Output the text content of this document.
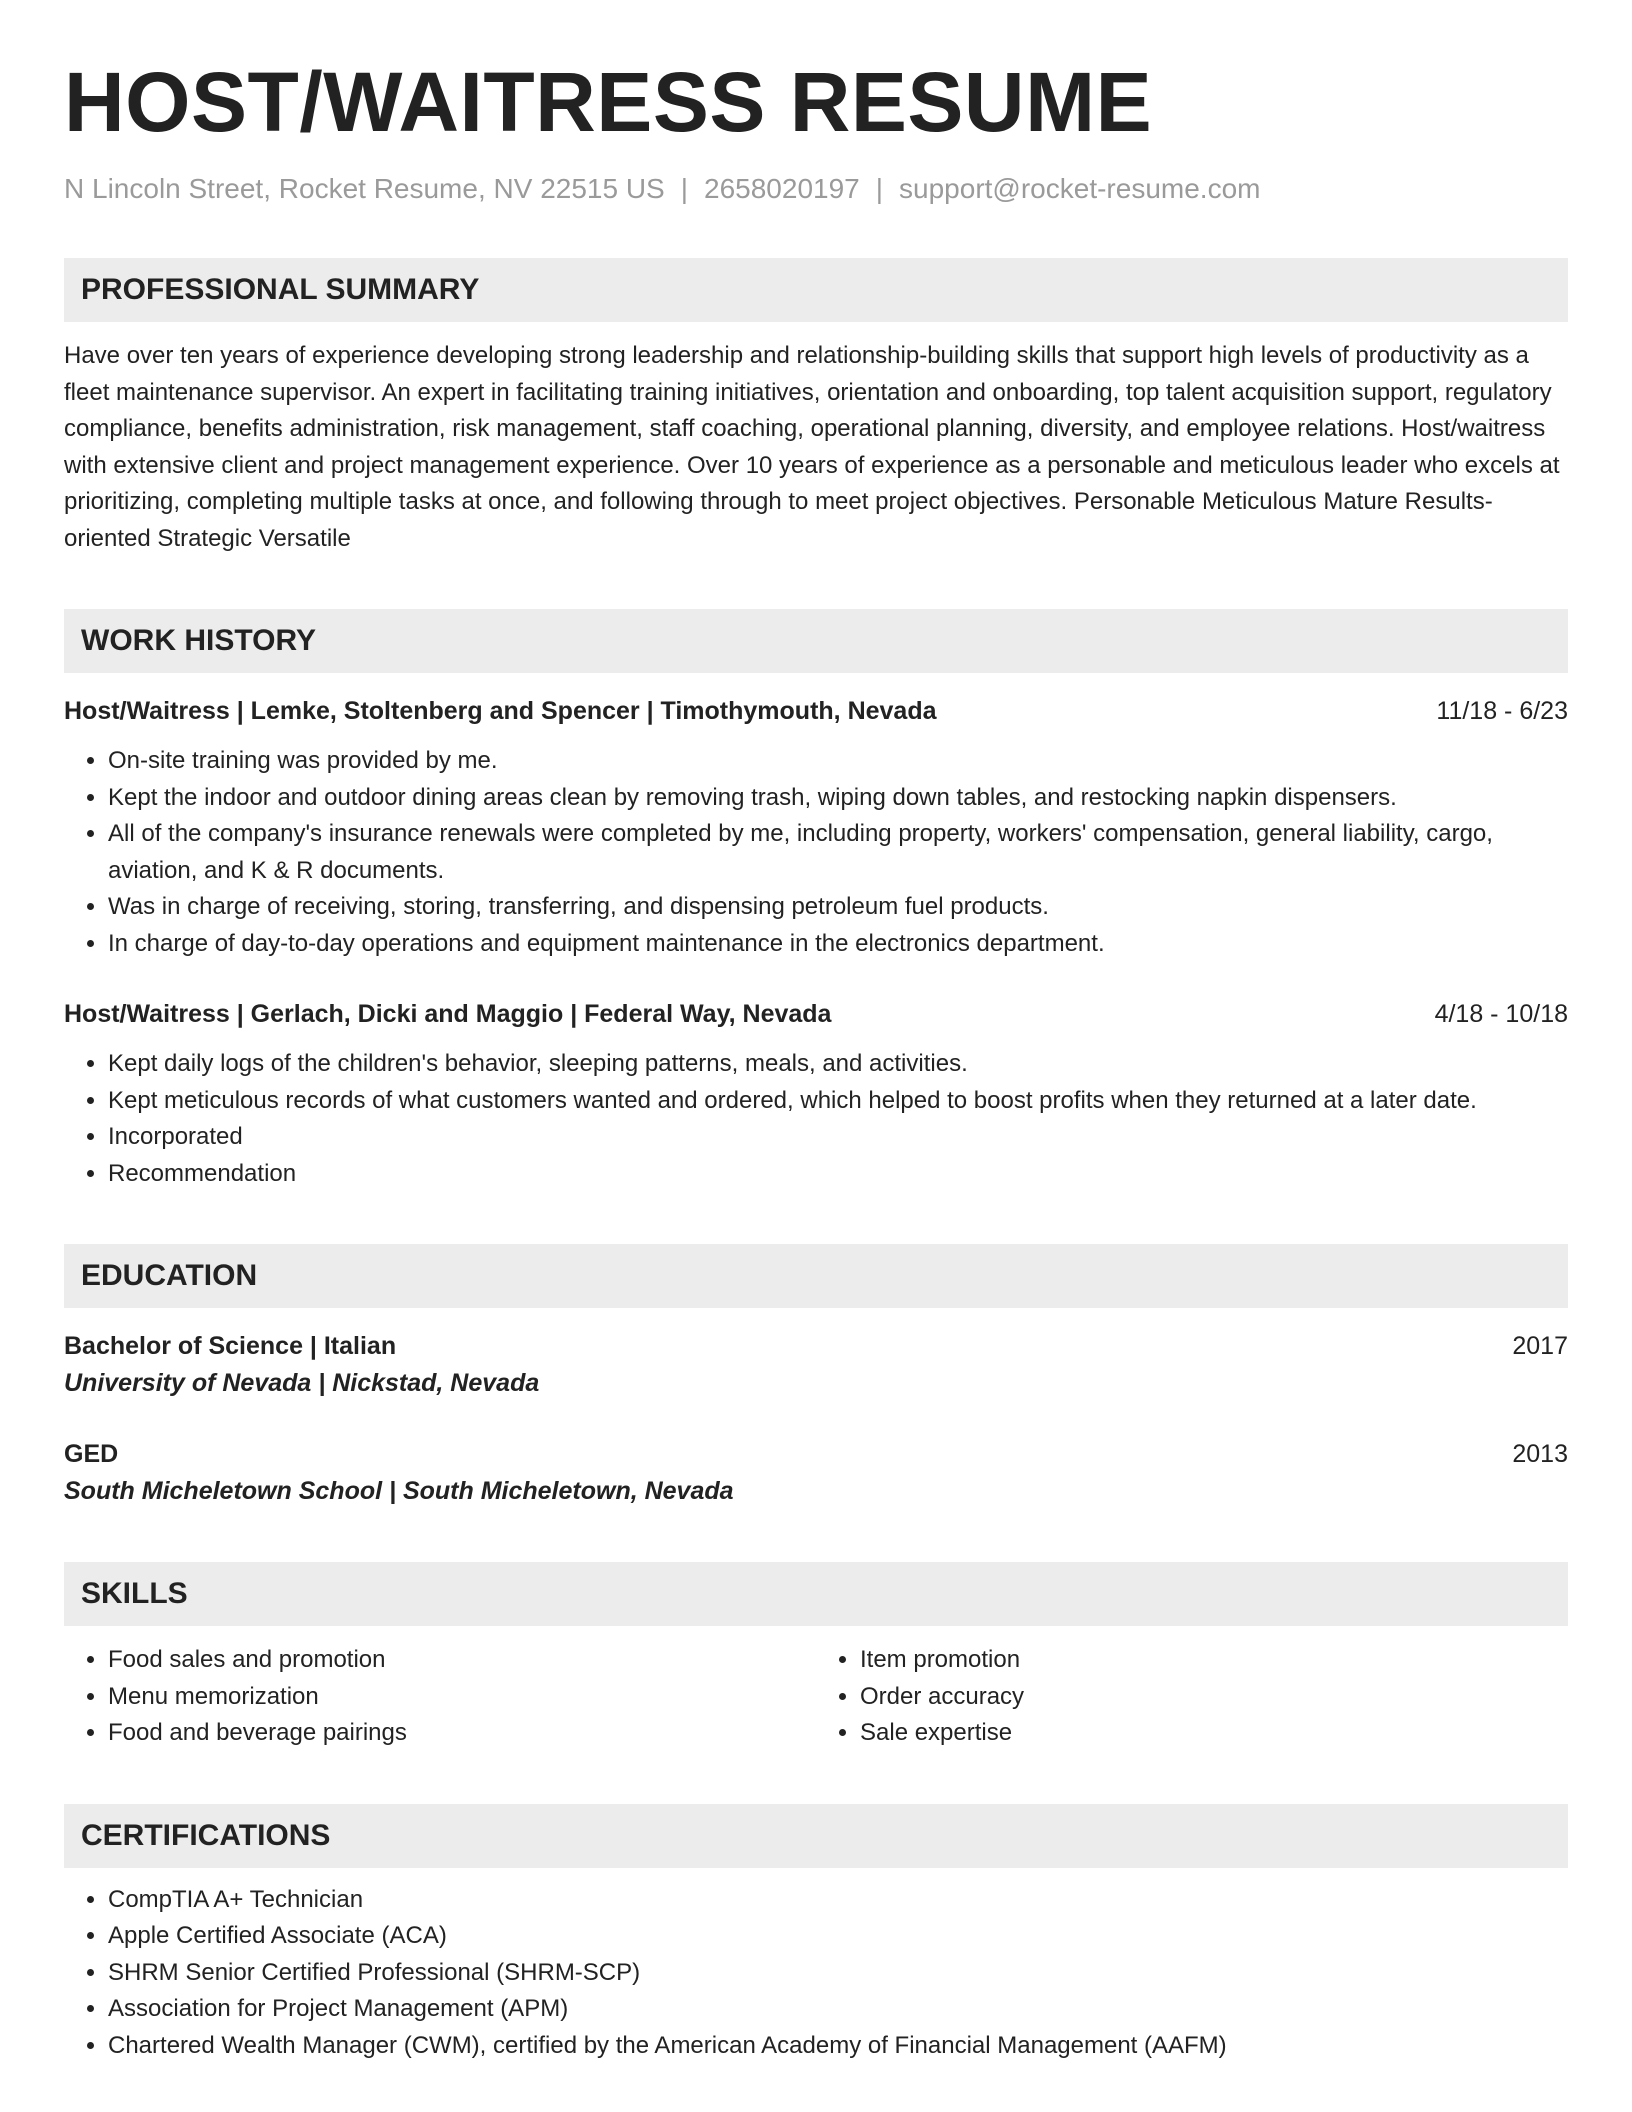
HOST/WAITRESS RESUME
N Lincoln Street, Rocket Resume, NV 22515 US | 2658020197 | support@rocket-resume.com
PROFESSIONAL SUMMARY
Have over ten years of experience developing strong leadership and relationship-building skills that support high levels of productivity as a fleet maintenance supervisor. An expert in facilitating training initiatives, orientation and onboarding, top talent acquisition support, regulatory compliance, benefits administration, risk management, staff coaching, operational planning, diversity, and employee relations. Host/waitress with extensive client and project management experience. Over 10 years of experience as a personable and meticulous leader who excels at prioritizing, completing multiple tasks at once, and following through to meet project objectives. Personable Meticulous Mature Results-oriented Strategic Versatile
WORK HISTORY
Host/Waitress | Lemke, Stoltenberg and Spencer | Timothymouth, Nevada	11/18 - 6/23
• On-site training was provided by me.
• Kept the indoor and outdoor dining areas clean by removing trash, wiping down tables, and restocking napkin dispensers.
• All of the company's insurance renewals were completed by me, including property, workers' compensation, general liability, cargo, aviation, and K & R documents.
• Was in charge of receiving, storing, transferring, and dispensing petroleum fuel products.
• In charge of day-to-day operations and equipment maintenance in the electronics department.
Host/Waitress | Gerlach, Dicki and Maggio | Federal Way, Nevada	4/18 - 10/18
• Kept daily logs of the children's behavior, sleeping patterns, meals, and activities.
• Kept meticulous records of what customers wanted and ordered, which helped to boost profits when they returned at a later date.
• Incorporated
• Recommendation
EDUCATION
Bachelor of Science | Italian	2017
University of Nevada | Nickstad, Nevada
GED	2013
South Micheletown School | South Micheletown, Nevada
SKILLS
• Food sales and promotion
• Menu memorization
• Food and beverage pairings
• Item promotion
• Order accuracy
• Sale expertise
CERTIFICATIONS
• CompTIA A+ Technician
• Apple Certified Associate (ACA)
• SHRM Senior Certified Professional (SHRM-SCP)
• Association for Project Management (APM)
• Chartered Wealth Manager (CWM), certified by the American Academy of Financial Management (AAFM)
